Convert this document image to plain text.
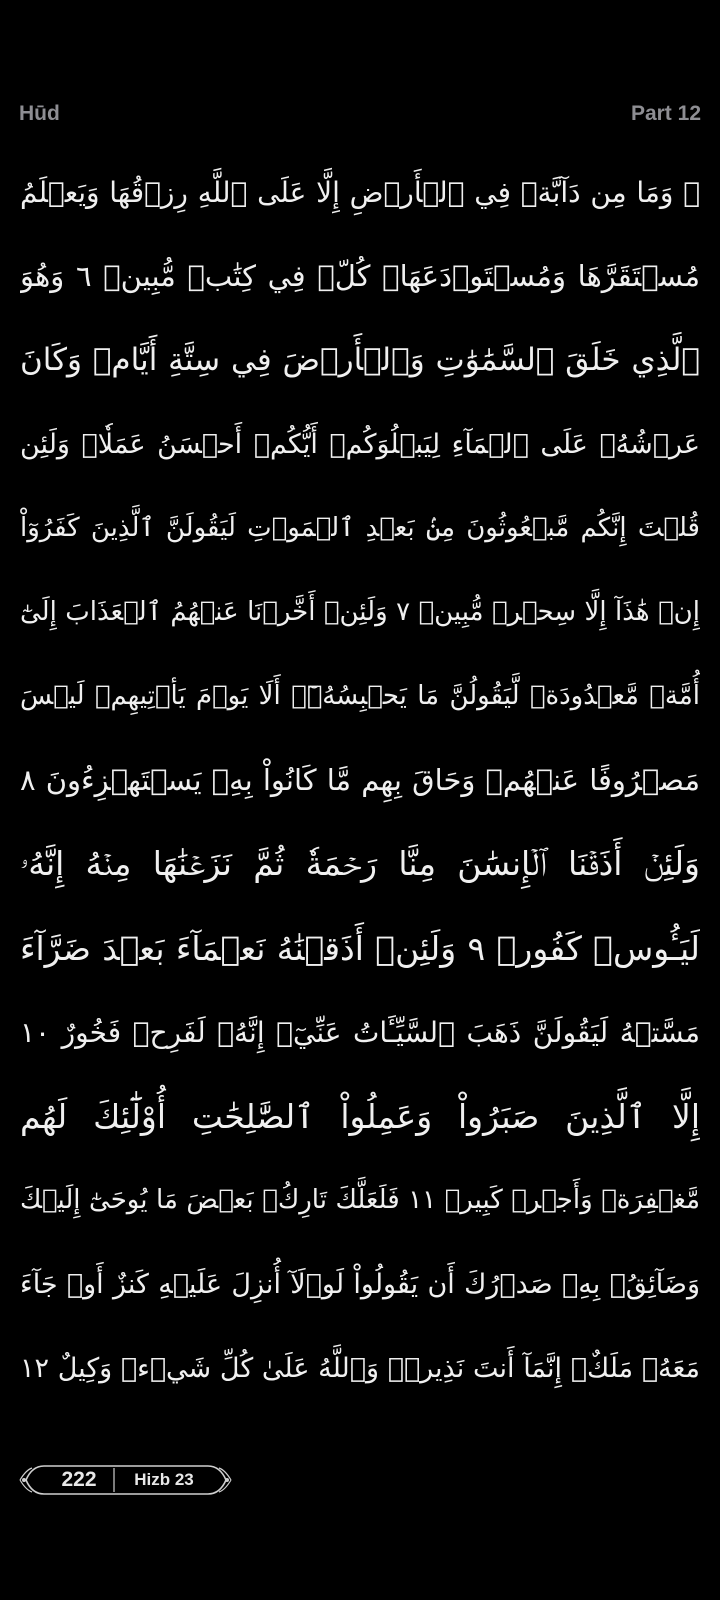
Hūd	Part 12
۞ وَمَا مِن دَآبَّةٖ فِي ٱلۡأَرۡضِ إِلَّا عَلَى ٱللَّهِ رِزۡقُهَا وَيَعۡلَمُ
مُسۡتَقَرَّهَا وَمُسۡتَوۡدَعَهَاۚ كُلّٞ فِي كِتَٰبٖ مُّبِينٖ ٦ وَهُوَ
ٱلَّذِي خَلَقَ ٱلسَّمَٰوَٰتِ وَٱلۡأَرۡضَ فِي سِتَّةِ أَيَّامٖ وَكَانَ
عَرۡشُهُۥ عَلَى ٱلۡمَآءِ لِيَبۡلُوَكُمۡ أَيُّكُمۡ أَحۡسَنُ عَمَلٗاۗ وَلَئِن
قُلۡتَ إِنَّكُم مَّبۡعُوثُونَ مِنۢ بَعۡدِ ٱلۡمَوۡتِ لَيَقُولَنَّ ٱلَّذِينَ كَفَرُوٓاْ
إِنۡ هَٰذَآ إِلَّا سِحۡرٞ مُّبِينٞ ٧ وَلَئِنۡ أَخَّرۡنَا عَنۡهُمُ ٱلۡعَذَابَ إِلَىٰٓ
أُمَّةٖ مَّعۡدُودَةٖ لَّيَقُولُنَّ مَا يَحۡبِسُهُۥٓۗ أَلَا يَوۡمَ يَأۡتِيهِمۡ لَيۡسَ
مَصۡرُوفًا عَنۡهُمۡ وَحَاقَ بِهِم مَّا كَانُواْ بِهِۦ يَسۡتَهۡزِءُونَ ٨
وَلَئِنۡ أَذَقۡنَا ٱلۡإِنسَٰنَ مِنَّا رَحۡمَةٗ ثُمَّ نَزَعۡنَٰهَا مِنۡهُ إِنَّهُۥ
لَيَـُٔوسٞ كَفُورٞ ٩ وَلَئِنۡ أَذَقۡنَٰهُ نَعۡمَآءَ بَعۡدَ ضَرَّآءَ
مَسَّتۡهُ لَيَقُولَنَّ ذَهَبَ ٱلسَّيِّـَٔاتُ عَنِّيٓۚ إِنَّهُۥ لَفَرِحٞ فَخُورٌ ١٠
إِلَّا ٱلَّذِينَ صَبَرُواْ وَعَمِلُواْ ٱلصَّٰلِحَٰتِ أُوْلَٰٓئِكَ لَهُم
مَّغۡفِرَةٞ وَأَجۡرٞ كَبِيرٞ ١١ فَلَعَلَّكَ تَارِكُۢ بَعۡضَ مَا يُوحَىٰٓ إِلَيۡكَ
وَضَآئِقُۢ بِهِۦ صَدۡرُكَ أَن يَقُولُواْ لَوۡلَآ أُنزِلَ عَلَيۡهِ كَنزٌ أَوۡ جَآءَ
مَعَهُۥ مَلَكٌۚ إِنَّمَآ أَنتَ نَذِيرٞۚ وَٱللَّهُ عَلَىٰ كُلِّ شَيۡءٖ وَكِيلٌ ١٢
222	Hizb 23
